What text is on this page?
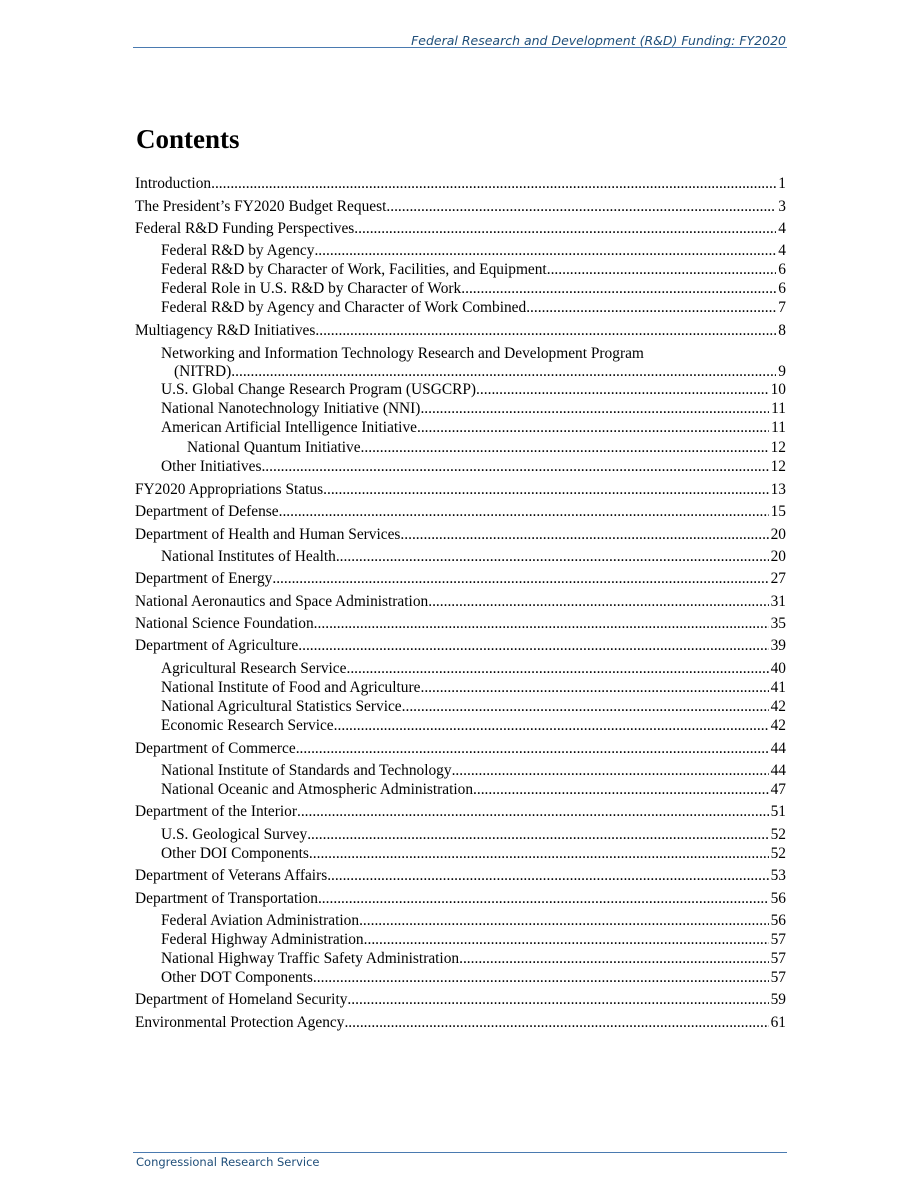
Federal Research and Development (R&D) Funding: FY2020
Contents
Introduction .....	1
The President’s FY2020 Budget Request .....	3
Federal R&D Funding Perspectives .....	4
Federal R&D by Agency .....	4
Federal R&D by Character of Work, Facilities, and Equipment .....	6
Federal Role in U.S. R&D by Character of Work .....	6
Federal R&D by Agency and Character of Work Combined .....	7
Multiagency R&D Initiatives .....	8
Networking and Information Technology Research and Development Program
(NITRD) .....	9
U.S. Global Change Research Program (USGCRP) .....	10
National Nanotechnology Initiative (NNI) .....	11
American Artificial Intelligence Initiative .....	11
National Quantum Initiative .....	12
Other Initiatives .....	12
FY2020 Appropriations Status .....	13
Department of Defense .....	15
Department of Health and Human Services .....	20
National Institutes of Health .....	20
Department of Energy .....	27
National Aeronautics and Space Administration .....	31
National Science Foundation .....	35
Department of Agriculture .....	39
Agricultural Research Service .....	40
National Institute of Food and Agriculture .....	41
National Agricultural Statistics Service .....	42
Economic Research Service .....	42
Department of Commerce .....	44
National Institute of Standards and Technology .....	44
National Oceanic and Atmospheric Administration .....	47
Department of the Interior .....	51
U.S. Geological Survey .....	52
Other DOI Components .....	52
Department of Veterans Affairs .....	53
Department of Transportation .....	56
Federal Aviation Administration .....	56
Federal Highway Administration .....	57
National Highway Traffic Safety Administration .....	57
Other DOT Components .....	57
Department of Homeland Security .....	59
Environmental Protection Agency .....	61
Congressional Research Service
